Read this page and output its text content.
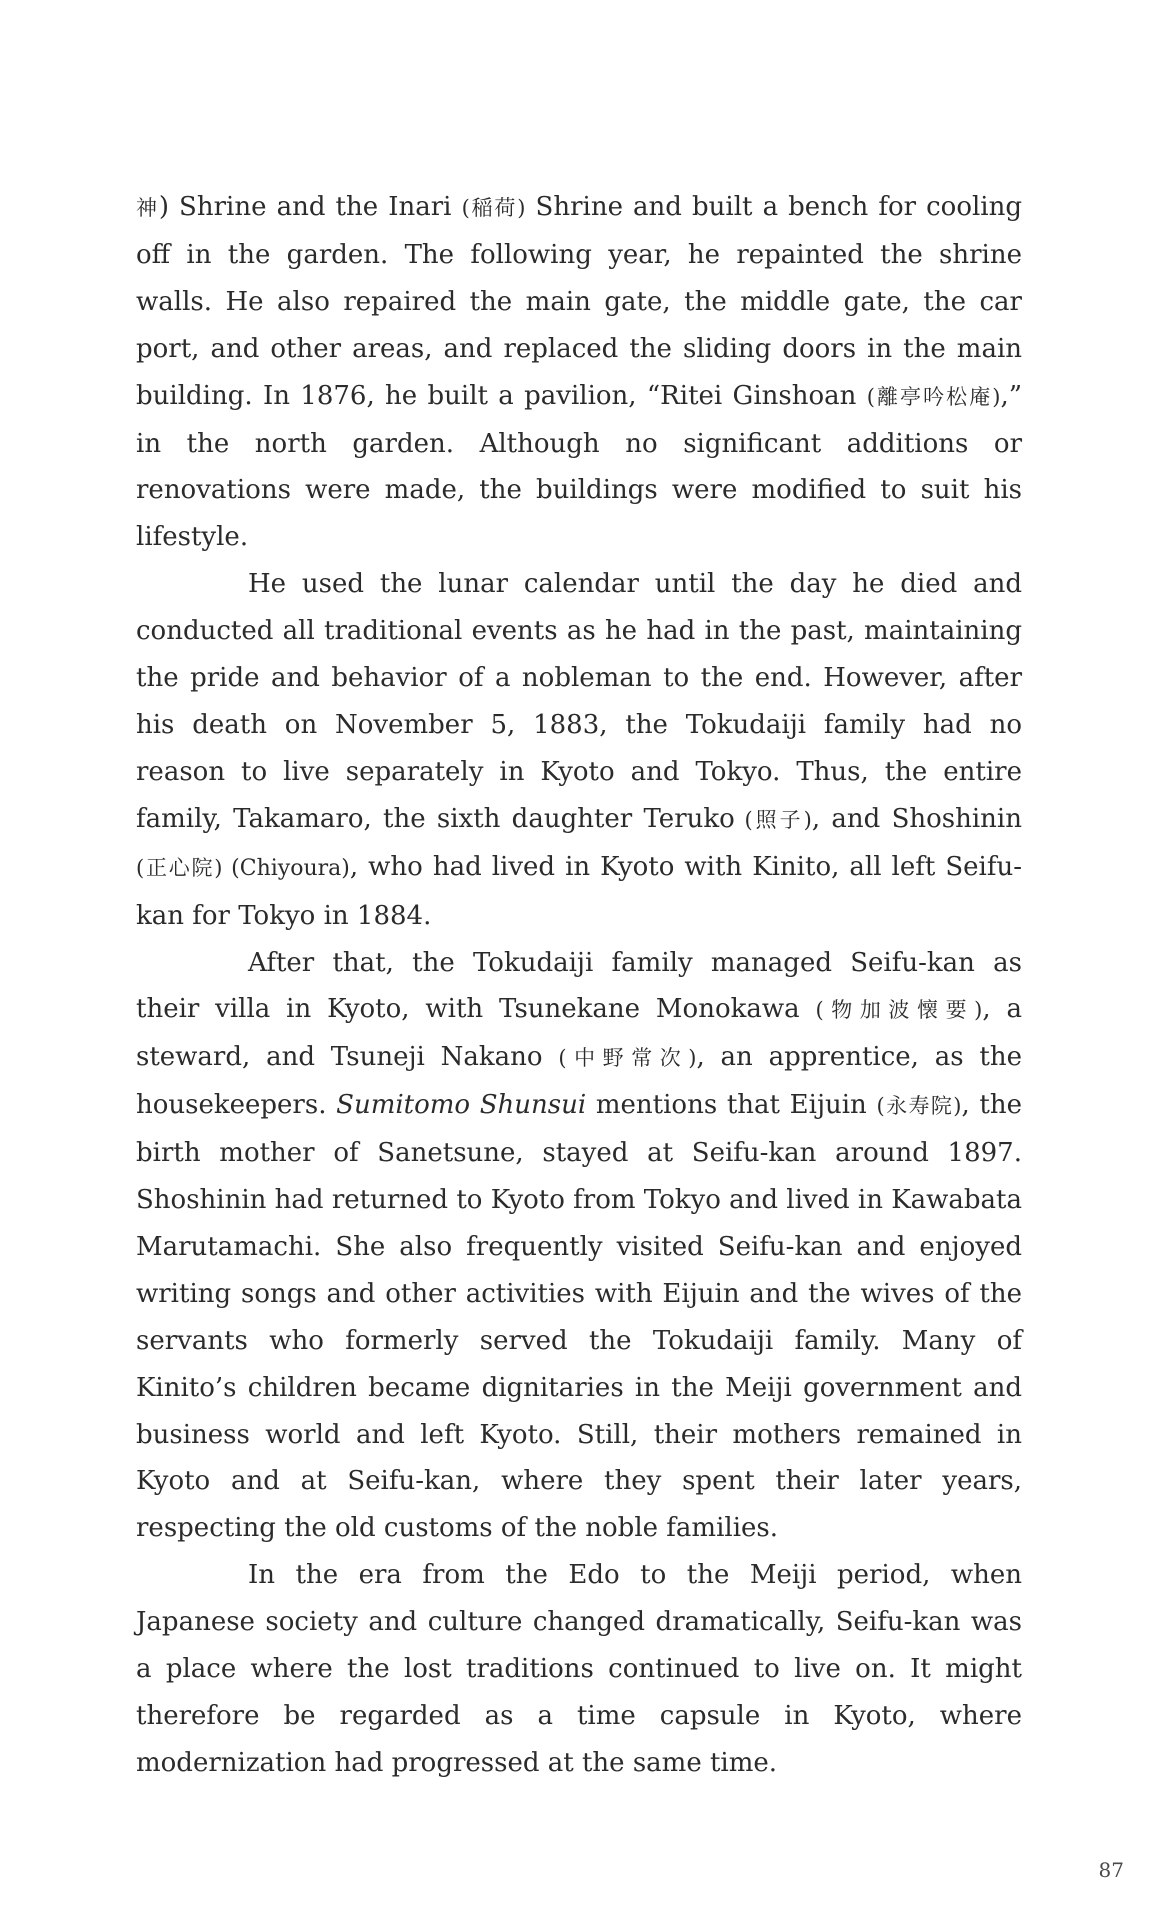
神) Shrine and the Inari (稲荷) Shrine and built a bench for cooling off in the garden. The following year, he repainted the shrine walls. He also repaired the main gate, the middle gate, the car port, and other areas, and replaced the sliding doors in the main building. In 1876, he built a pavilion, “Ritei Ginshoan (離亭吟松庵),” in the north garden. Although no significant additions or renovations were made, the buildings were modified to suit his lifestyle.

He used the lunar calendar until the day he died and conducted all traditional events as he had in the past, maintaining the pride and behavior of a nobleman to the end. However, after his death on November 5, 1883, the Tokudaiji family had no reason to live separately in Kyoto and Tokyo. Thus, the entire family, Takamaro, the sixth daughter Teruko (照子), and Shoshinin (正心院) (Chiyoura), who had lived in Kyoto with Kinito, all left Seifu-kan for Tokyo in 1884.

After that, the Tokudaiji family managed Seifu-kan as their villa in Kyoto, with Tsunekane Monokawa (物加波懐要), a steward, and Tsuneji Nakano (中野常次), an apprentice, as the housekeepers. Sumitomo Shunsui mentions that Eijuin (永寿院), the birth mother of Sanetsune, stayed at Seifu-kan around 1897. Shoshinin had returned to Kyoto from Tokyo and lived in Kawabata Marutamachi. She also frequently visited Seifu-kan and enjoyed writing songs and other activities with Eijuin and the wives of the servants who formerly served the Tokudaiji family. Many of Kinito’s children became dignitaries in the Meiji government and business world and left Kyoto. Still, their mothers remained in Kyoto and at Seifu-kan, where they spent their later years, respecting the old customs of the noble families.

In the era from the Edo to the Meiji period, when Japanese society and culture changed dramatically, Seifu-kan was a place where the lost traditions continued to live on. It might therefore be regarded as a time capsule in Kyoto, where modernization had progressed at the same time.

87
